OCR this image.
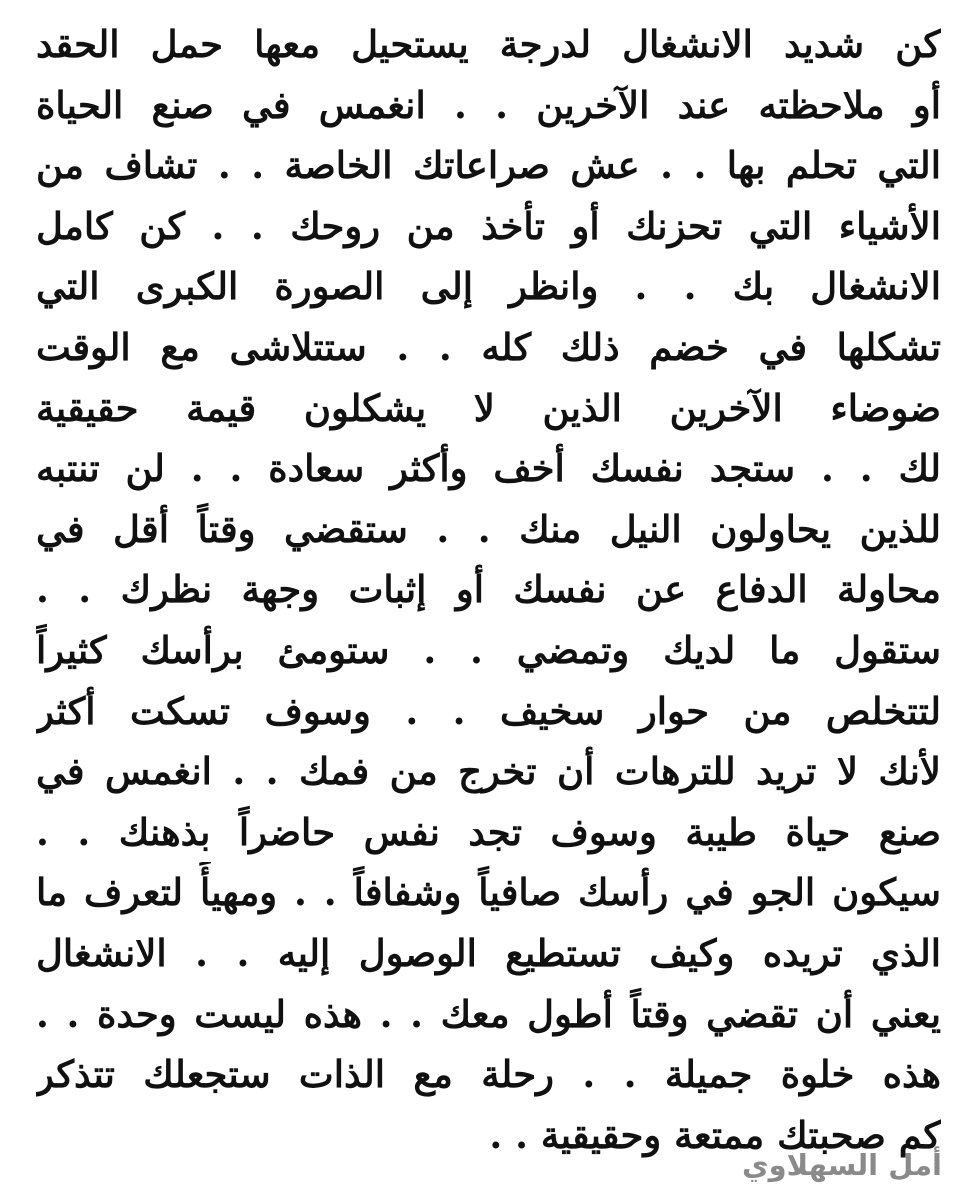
كن شديد الانشغال لدرجة يستحيل معها حمل الحقد
أو ملاحظته عند الآخرين . . انغمس في صنع الحياة
التي تحلم بها . . عش صراعاتك الخاصة . . تشاف من
الأشياء التي تحزنك أو تأخذ من روحك . . كن كامل
الانشغال بك . . وانظر إلى الصورة الكبرى التي
تشكلها في خضم ذلك كله . . ستتلاشى مع الوقت
ضوضاء الآخرين الذين لا يشكلون قيمة حقيقية
لك . . ستجد نفسك أخف وأكثر سعادة . . لن تنتبه
للذين يحاولون النيل منك . . ستقضي وقتاً أقل في
محاولة الدفاع عن نفسك أو إثبات وجهة نظرك . .
ستقول ما لديك وتمضي . . ستومئ برأسك كثيراً
لتتخلص من حوار سخيف . . وسوف تسكت أكثر
لأنك لا تريد للترهات أن تخرج من فمك . . انغمس في
صنع حياة طيبة وسوف تجد نفس حاضراً بذهنك . .
سيكون الجو في رأسك صافياً وشفافاً . . ومهيأً لتعرف ما
الذي تريده وكيف تستطيع الوصول إليه . . الانشغال
يعني أن تقضي وقتاً أطول معك . . هذه ليست وحدة . .
هذه خلوة جميلة . . رحلة مع الذات ستجعلك تتذكر
كم صحبتك ممتعة وحقيقية . .
أمل السهلاوي
